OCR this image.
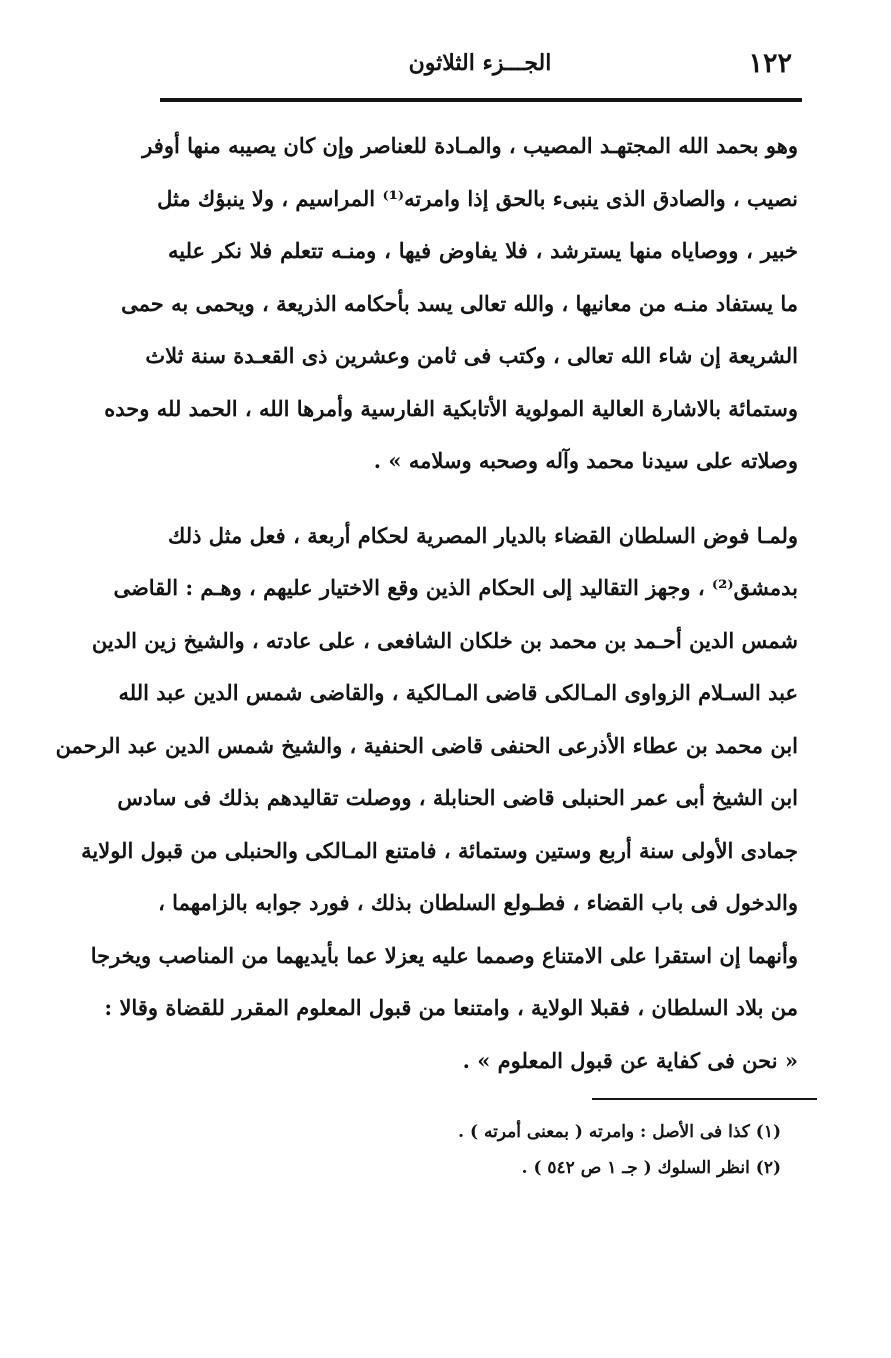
١٢٢
الجـــزء الثلاثون
وهو بحمد الله المجتهـد المصيب ، والمـادة للعناصر وإن كان يصيبه منها أوفر
نصيب ، والصادق الذى ينبىء بالحق إذا وامرته⁽¹⁾ المراسيم ، ولا ينبؤك مثل
خبير ، ووصاياه منها يسترشد ، فلا يفاوض فيها ، ومنـه تتعلم فلا نكر عليه
ما يستفاد منـه من معانيها ، والله تعالى يسد بأحكامه الذريعة ، ويحمى به حمى
الشريعة إن شاء الله تعالى ، وكتب فى ثامن وعشرين ذى القعـدة سنة ثلاث
وستمائة بالاشارة العالية المولوية الأتابكية الفارسية وأمرها الله ، الحمد لله وحده
وصلاته على سيدنا محمد وآله وصحبه وسلامه » .
ولمـا فوض السلطان القضاء بالديار المصرية لحكام أربعة ، فعل مثل ذلك
بدمشق⁽²⁾ ، وجهز التقاليد إلى الحكام الذين وقع الاختيار عليهم ، وهـم : القاضى
شمس الدين أحـمد بن محمد بن خلكان الشافعى ، على عادته ، والشيخ زين الدين
عبد السـلام الزواوى المـالكى قاضى المـالكية ، والقاضى شمس الدين عبد الله
ابن محمد بن عطاء الأذرعى الحنفى قاضى الحنفية ، والشيخ شمس الدين عبد الرحمن
ابن الشيخ أبى عمر الحنبلى قاضى الحنابلة ، ووصلت تقاليدهم بذلك فى سادس
جمادى الأولى سنة أربع وستين وستمائة ، فامتنع المـالكى والحنبلى من قبول الولاية
والدخول فى باب القضاء ، فطـولع السلطان بذلك ، فورد جوابه بالزامهما ،
وأنهما إن استقرا على الامتناع وصمما عليه يعزلا عما بأيديهما من المناصب ويخرجا
من بلاد السلطان ، فقبلا الولاية ، وامتنعا من قبول المعلوم المقرر للقضاة وقالا :
« نحن فى كفاية عن قبول المعلوم » .
(١) كذا فى الأصل : وامرته ( بمعنى أمرته ) .
(٢) انظر السلوك ( جـ ١ ص ٥٤٢ ) .
